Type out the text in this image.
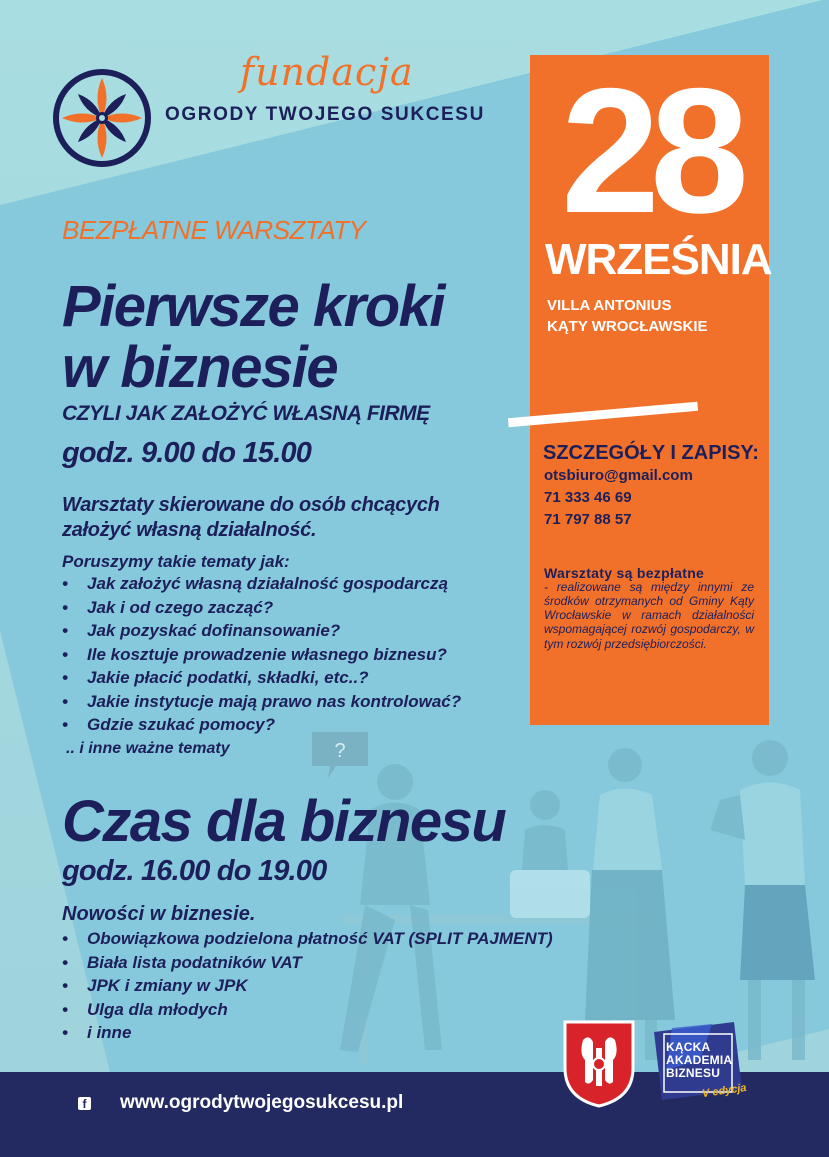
fundacja
OGRODY TWOJEGO SUKCESU 28
WRZEŚNIA
VILLA ANTONIUS
KĄTY WROCŁAWSKIE
SZCZEGÓŁY I ZAPISY:
otsbiuro@gmail.com
71 333 46 69
71 797 88 57
Warsztaty są bezpłatne
- realizowane są między innymi ze środków otrzymanych od Gminy Kąty Wrocławskie w ramach działalności wspomagającej rozwój gospodarczy, w tym rozwój przedsiębiorczości.
?
BEZPŁATNE WARSZTATY
Pierwsze kroki
w biznesie
CZYLI JAK ZAŁOŻYĆ WŁASNĄ FIRMĘ
godz. 9.00 do 15.00
Warsztaty skierowane do osób chcących założyć własną działalność.
Poruszymy takie tematy jak:
• Jak założyć własną działalność gospodarczą
• Jak i od czego zacząć?
• Jak pozyskać dofinansowanie?
• Ile kosztuje prowadzenie własnego biznesu?
• Jakie płacić podatki, składki, etc..?
• Jakie instytucje mają prawo nas kontrolować?
• Gdzie szukać pomocy?
.. i inne ważne tematy
Czas dla biznesu
godz. 16.00 do 19.00
Nowości w biznesie.
• Obowiązkowa podzielona płatność VAT (SPLIT PAJMENT)
• Biała lista podatników VAT
• JPK i zmiany w JPK
• Ulga dla młodych
• i inne
f www.ogrodytwojegosukcesu.pl
KĄCKA
AKADEMIA
BIZNESU
V edycja
